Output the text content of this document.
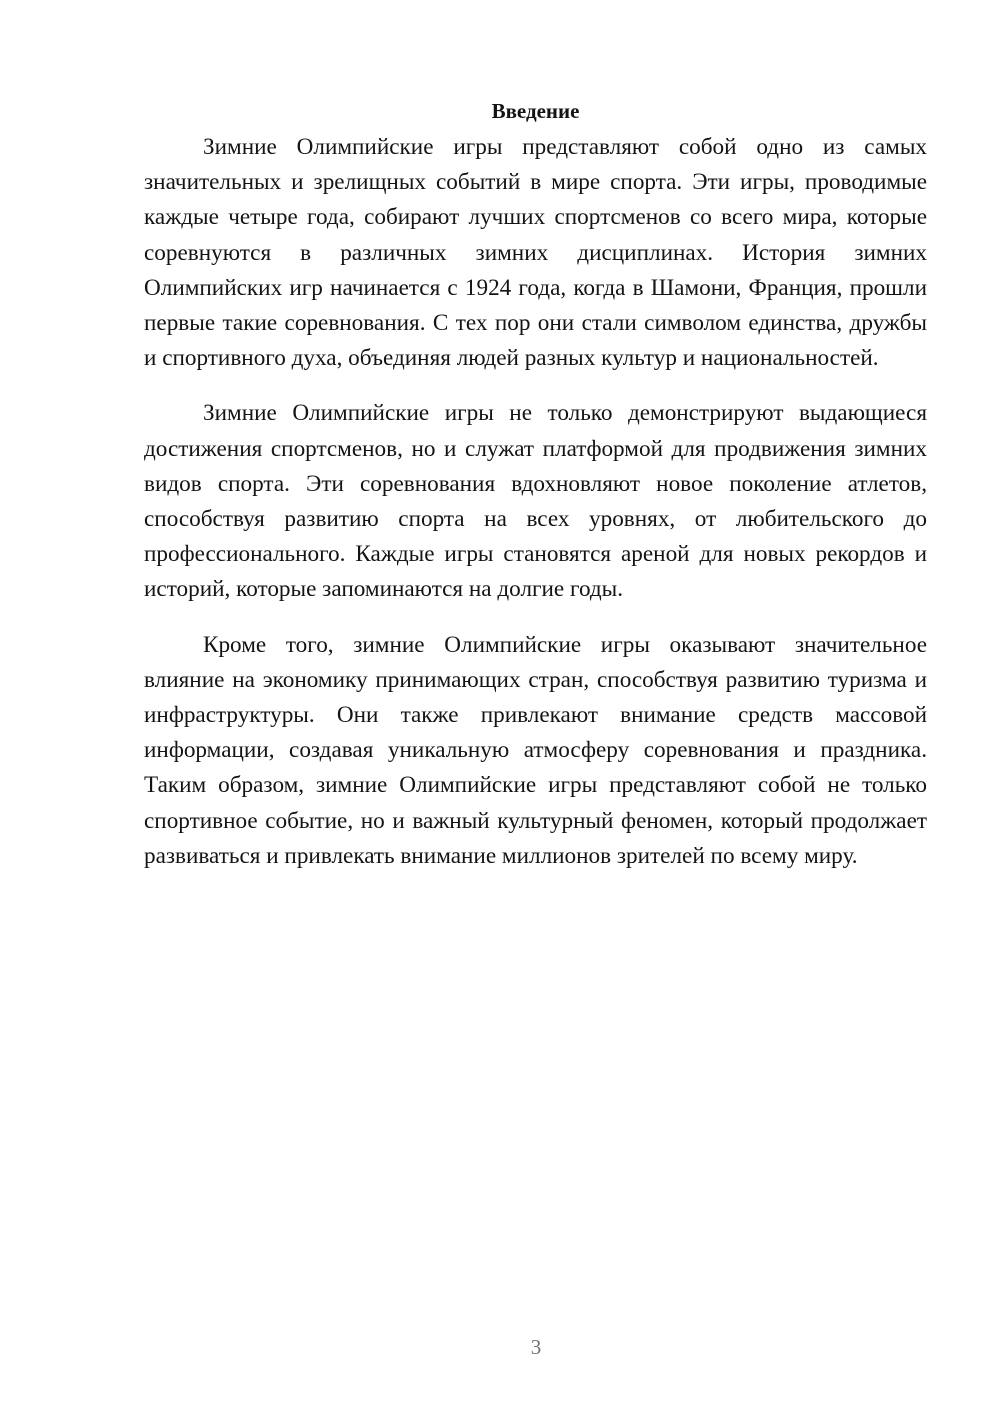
Введение

Зимние Олимпийские игры представляют собой одно из самых значительных и зрелищных событий в мире спорта. Эти игры, проводимые каждые четыре года, собирают лучших спортсменов со всего мира, которые соревнуются в различных зимних дисциплинах. История зимних Олимпийских игр начинается с 1924 года, когда в Шамони, Франция, прошли первые такие соревнования. С тех пор они стали символом единства, дружбы и спортивного духа, объединяя людей разных культур и национальностей.

Зимние Олимпийские игры не только демонстрируют выдающиеся достижения спортсменов, но и служат платформой для продвижения зимних видов спорта. Эти соревнования вдохновляют новое поколение атлетов, способствуя развитию спорта на всех уровнях, от любительского до профессионального. Каждые игры становятся ареной для новых рекордов и историй, которые запоминаются на долгие годы.

Кроме того, зимние Олимпийские игры оказывают значительное влияние на экономику принимающих стран, способствуя развитию туризма и инфраструктуры. Они также привлекают внимание средств массовой информации, создавая уникальную атмосферу соревнования и праздника. Таким образом, зимние Олимпийские игры представляют собой не только спортивное событие, но и важный культурный феномен, который продолжает развиваться и привлекать внимание миллионов зрителей по всему миру.

3
